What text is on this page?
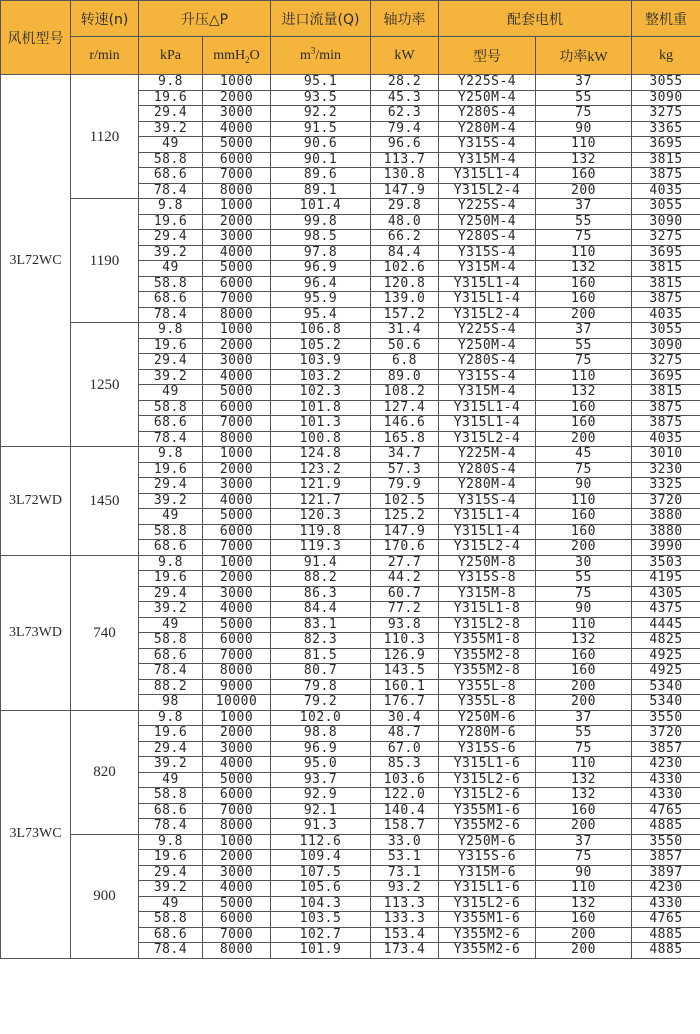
风机型号	转速(n)	升压△P		进口流量(Q)	轴功率	配套电机		整机重
	r/min	kPa	mmH$_2$O	$m^3/\min$	kW	型号	功率kW	kg
3L72WC	1120	9.8	1000	95.1	28.2	Y225S-4	37	3055
		19.6	2000	93.5	45.3	Y250M-4	55	3090
		29.4	3000	92.2	62.3	Y280S-4	75	3275
		39.2	4000	91.5	79.4	Y280M-4	90	3365
		49	5000	90.6	96.6	Y315S-4	110	3695
		58.8	6000	90.1	113.7	Y315M-4	132	3815
		68.6	7000	89.6	130.8	Y315L1-4	160	3875
		78.4	8000	89.1	147.9	Y315L2-4	200	4035
	1190	9.8	1000	101.4	29.8	Y225S-4	37	3055
		19.6	2000	99.8	48.0	Y250M-4	55	3090
		29.4	3000	98.5	66.2	Y280S-4	75	3275
		39.2	4000	97.8	84.4	Y315S-4	110	3695
		49	5000	96.9	102.6	Y315M-4	132	3815
		58.8	6000	96.4	120.8	Y315L1-4	160	3815
		68.6	7000	95.9	139.0	Y315L1-4	160	3875
		78.4	8000	95.4	157.2	Y315L2-4	200	4035
	1250	9.8	1000	106.8	31.4	Y225S-4	37	3055
		19.6	2000	105.2	50.6	Y250M-4	55	3090
		29.4	3000	103.9	6.8	Y280S-4	75	3275
		39.2	4000	103.2	89.0	Y315S-4	110	3695
		49	5000	102.3	108.2	Y315M-4	132	3815
		58.8	6000	101.8	127.4	Y315L1-4	160	3875
		68.6	7000	101.3	146.6	Y315L1-4	160	3875
		78.4	8000	100.8	165.8	Y315L2-4	200	4035
3L72WD	1450	9.8	1000	124.8	34.7	Y225M-4	45	3010
		19.6	2000	123.2	57.3	Y280S-4	75	3230
		29.4	3000	121.9	79.9	Y280M-4	90	3325
		39.2	4000	121.7	102.5	Y315S-4	110	3720
		49	5000	120.3	125.2	Y315L1-4	160	3880
		58.8	6000	119.8	147.9	Y315L1-4	160	3880
		68.6	7000	119.3	170.6	Y315L2-4	200	3990
3L73WD	740	9.8	1000	91.4	27.7	Y250M-8	30	3503
		19.6	2000	88.2	44.2	Y315S-8	55	4195
		29.4	3000	86.3	60.7	Y315M-8	75	4305
		39.2	4000	84.4	77.2	Y315L1-8	90	4375
		49	5000	83.1	93.8	Y315L2-8	110	4445
		58.8	6000	82.3	110.3	Y355M1-8	132	4825
		68.6	7000	81.5	126.9	Y355M2-8	160	4925
		78.4	8000	80.7	143.5	Y355M2-8	160	4925
		88.2	9000	79.8	160.1	Y355L-8	200	5340
		98	10000	79.2	176.7	Y355L-8	200	5340
3L73WC	820	9.8	1000	102.0	30.4	Y250M-6	37	3550
		19.6	2000	98.8	48.7	Y280M-6	55	3720
		29.4	3000	96.9	67.0	Y315S-6	75	3857
		39.2	4000	95.0	85.3	Y315L1-6	110	4230
		49	5000	93.7	103.6	Y315L2-6	132	4330
		58.8	6000	92.9	122.0	Y315L2-6	132	4330
		68.6	7000	92.1	140.4	Y355M1-6	160	4765
		78.4	8000	91.3	158.7	Y355M2-6	200	4885
	900	9.8	1000	112.6	33.0	Y250M-6	37	3550
		19.6	2000	109.4	53.1	Y315S-6	75	3857
		29.4	3000	107.5	73.1	Y315M-6	90	3897
		39.2	4000	105.6	93.2	Y315L1-6	110	4230
		49	5000	104.3	113.3	Y315L2-6	132	4330
		58.8	6000	103.5	133.3	Y355M1-6	160	4765
		68.6	7000	102.7	153.4	Y355M2-6	200	4885
		78.4	8000	101.9	173.4	Y355M2-6	200	4885
